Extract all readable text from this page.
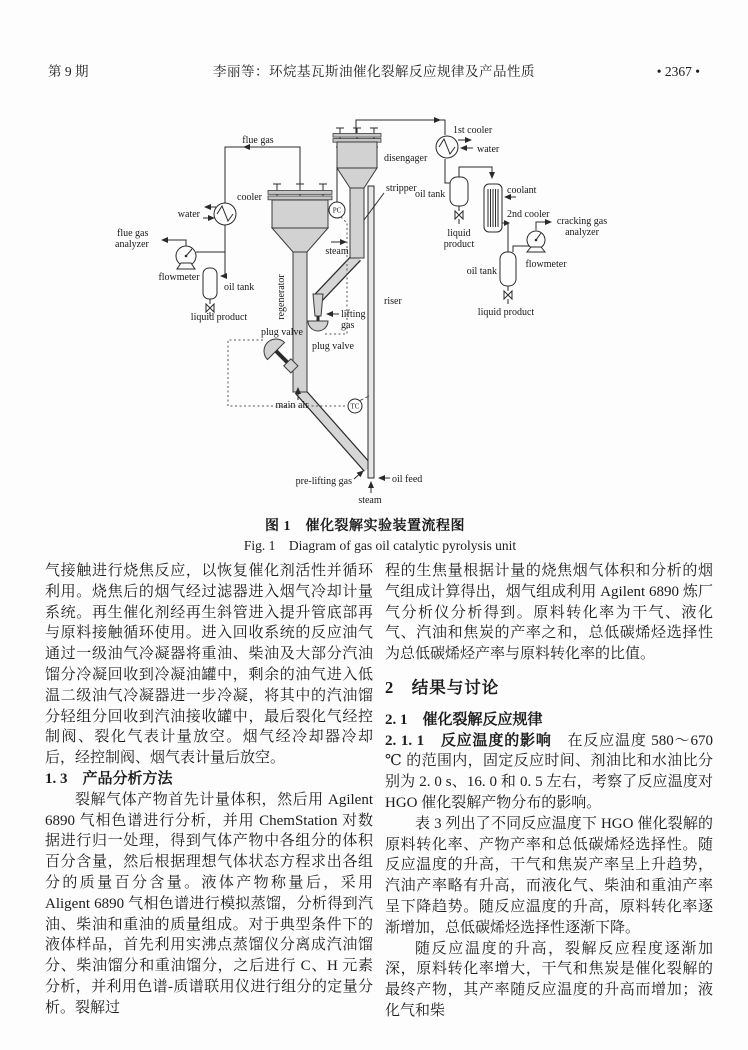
第 9 期	李丽等：环烷基瓦斯油催化裂解反应规律及产品性质	• 2367 •
flue gas
cooler
water
flue gas
analyzer
flowmeter
oil tank
liquid product	regenerator
main air
plug valve
riser
TC
pre-lifting gas	oil feed
steam
disengager
stripper
PC
steam
lifting
gas
plug valve
1st cooler
water
oil tank
liquid
product
coolant
2nd cooler
oil tank
flowmeter
cracking gas
analyzer
liquid product
图 1　催化裂解实验装置流程图
Fig. 1　Diagram of gas oil catalytic pyrolysis unit

气接触进行烧焦反应，以恢复催化剂活性并循环利用。烧焦后的烟气经过滤器进入烟气冷却计量系统。再生催化剂经再生斜管进入提升管底部再与原料接触循环使用。进入回收系统的反应油气通过一级油气冷凝器将重油、柴油及大部分汽油馏分冷凝回收到冷凝油罐中，剩余的油气进入低温二级油气冷凝器进一步冷凝，将其中的汽油馏分轻组分回收到汽油接收罐中，最后裂化气经控制阀、裂化气表计量放空。烟气经冷却器冷却后，经控制阀、烟气表计量后放空。

1. 3　产品分析方法

裂解气体产物首先计量体积，然后用 Agilent 6890 气相色谱进行分析，并用 ChemStation 对数据进行归一处理，得到气体产物中各组分的体积百分含量，然后根据理想气体状态方程求出各组分的质量百分含量。液体产物称量后，采用 Aligent 6890 气相色谱进行模拟蒸馏，分析得到汽油、柴油和重油的质量组成。对于典型条件下的液体样品，首先利用实沸点蒸馏仪分离成汽油馏分、柴油馏分和重油馏分，之后进行 C、H 元素分析，并利用色谱-质谱联用仪进行组分的定量分析。裂解过

程的生焦量根据计量的烧焦烟气体积和分析的烟气组成计算得出，烟气组成利用 Agilent 6890 炼厂气分析仪分析得到。原料转化率为干气、液化气、汽油和焦炭的产率之和，总低碳烯烃选择性为总低碳烯烃产率与原料转化率的比值。

2　结果与讨论

2. 1　催化裂解反应规律

2. 1. 1　反应温度的影响　在反应温度 580～670 ℃ 的范围内，固定反应时间、剂油比和水油比分别为 2. 0 s、16. 0 和 0. 5 左右，考察了反应温度对 HGO 催化裂解产物分布的影响。

表 3 列出了不同反应温度下 HGO 催化裂解的原料转化率、产物产率和总低碳烯烃选择性。随反应温度的升高，干气和焦炭产率呈上升趋势，汽油产率略有升高，而液化气、柴油和重油产率呈下降趋势。随反应温度的升高，原料转化率逐渐增加，总低碳烯烃选择性逐渐下降。

随反应温度的升高，裂解反应程度逐渐加深，原料转化率增大，干气和焦炭是催化裂解的最终产物，其产率随反应温度的升高而增加；液化气和柴
